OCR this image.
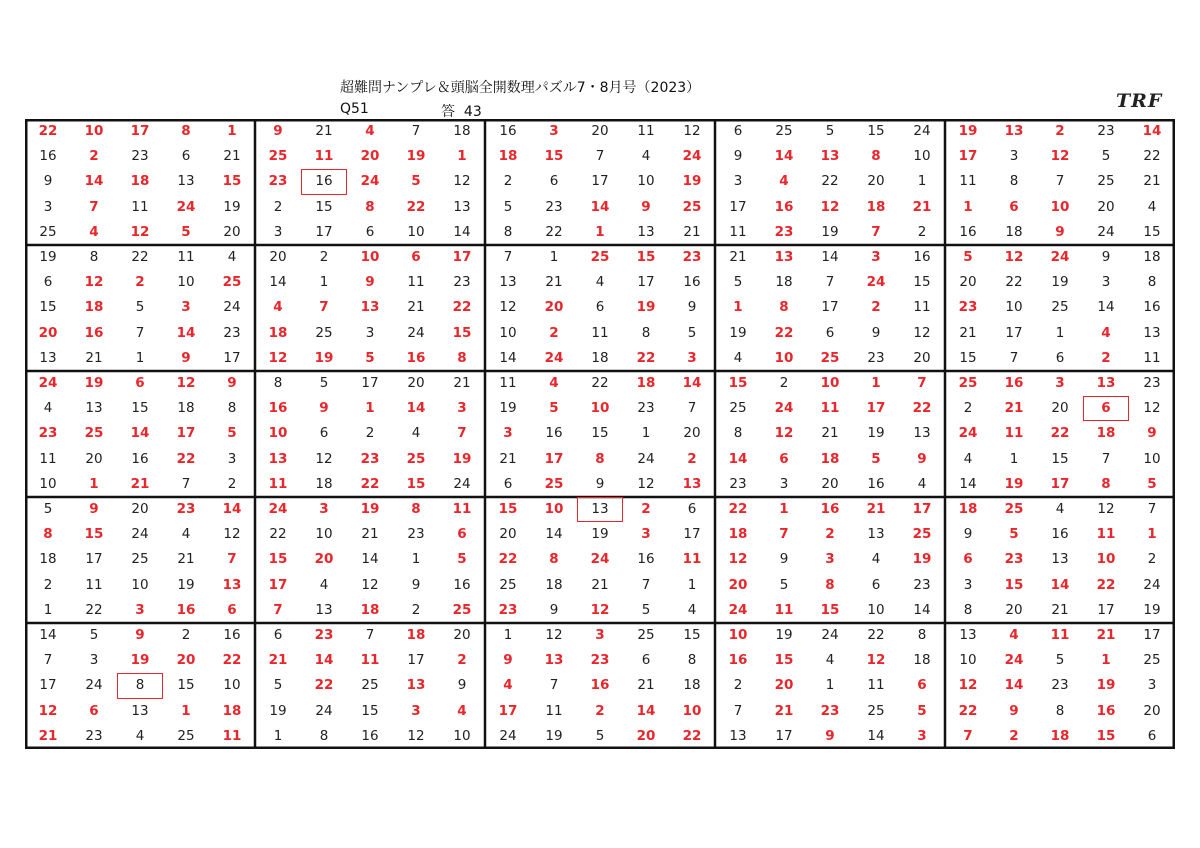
超難問ナンプレ＆頭脳全開数理パズル7・8月号（2023）
Q51	答 43	TRF
22	10	17	8	1	9	21	4	7	18	16	3	20	11	12	6	25	5	15	24	19	13	2	23	14
16	2	23	6	21	25	11	20	19	1	18	15	7	4	24	9	14	13	8	10	17	3	12	5	22
9	14	18	13	15	23	16	24	5	12	2	6	17	10	19	3	4	22	20	1	11	8	7	25	21
3	7	11	24	19	2	15	8	22	13	5	23	14	9	25	17	16	12	18	21	1	6	10	20	4
25	4	12	5	20	3	17	6	10	14	8	22	1	13	21	11	23	19	7	2	16	18	9	24	15
19	8	22	11	4	20	2	10	6	17	7	1	25	15	23	21	13	14	3	16	5	12	24	9	18
6	12	2	10	25	14	1	9	11	23	13	21	4	17	16	5	18	7	24	15	20	22	19	3	8
15	18	5	3	24	4	7	13	21	22	12	20	6	19	9	1	8	17	2	11	23	10	25	14	16
20	16	7	14	23	18	25	3	24	15	10	2	11	8	5	19	22	6	9	12	21	17	1	4	13
13	21	1	9	17	12	19	5	16	8	14	24	18	22	3	4	10	25	23	20	15	7	6	2	11
24	19	6	12	9	8	5	17	20	21	11	4	22	18	14	15	2	10	1	7	25	16	3	13	23
4	13	15	18	8	16	9	1	14	3	19	5	10	23	7	25	24	11	17	22	2	21	20	6	12
23	25	14	17	5	10	6	2	4	7	3	16	15	1	20	8	12	21	19	13	24	11	22	18	9
11	20	16	22	3	13	12	23	25	19	21	17	8	24	2	14	6	18	5	9	4	1	15	7	10
10	1	21	7	2	11	18	22	15	24	6	25	9	12	13	23	3	20	16	4	14	19	17	8	5
5	9	20	23	14	24	3	19	8	11	15	10	13	2	6	22	1	16	21	17	18	25	4	12	7
8	15	24	4	12	22	10	21	23	6	20	14	19	3	17	18	7	2	13	25	9	5	16	11	1
18	17	25	21	7	15	20	14	1	5	22	8	24	16	11	12	9	3	4	19	6	23	13	10	2
2	11	10	19	13	17	4	12	9	16	25	18	21	7	1	20	5	8	6	23	3	15	14	22	24
1	22	3	16	6	7	13	18	2	25	23	9	12	5	4	24	11	15	10	14	8	20	21	17	19
14	5	9	2	16	6	23	7	18	20	1	12	3	25	15	10	19	24	22	8	13	4	11	21	17
7	3	19	20	22	21	14	11	17	2	9	13	23	6	8	16	15	4	12	18	10	24	5	1	25
17	24	8	15	10	5	22	25	13	9	4	7	16	21	18	2	20	1	11	6	12	14	23	19	3
12	6	13	1	18	19	24	15	3	4	17	11	2	14	10	7	21	23	25	5	22	9	8	16	20
21	23	4	25	11	1	8	16	12	10	24	19	5	20	22	13	17	9	14	3	7	2	18	15	6
